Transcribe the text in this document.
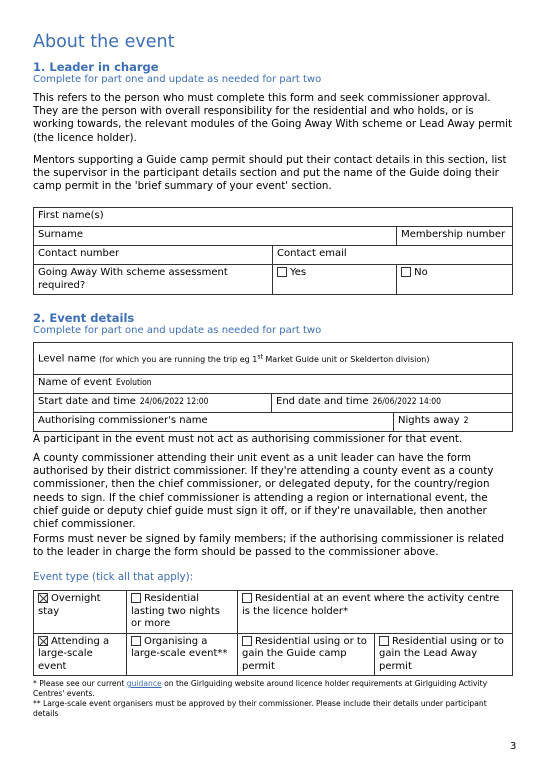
About the event
1. Leader in charge
Complete for part one and update as needed for part two

This refers to the person who must complete this form and seek commissioner approval. They are the person with overall responsibility for the residential and who holds, or is working towards, the relevant modules of the Going Away With scheme or Lead Away permit (the licence holder).

Mentors supporting a Guide camp permit should put their contact details in this section, list the supervisor in the participant details section and put the name of the Guide doing their camp permit in the 'brief summary of your event' section.

First name(s)		
Surname		Membership number
Contact number	Contact email	
Going Away With scheme assessment required?	Yes	No
2. Event details
Complete for part one and update as needed for part two
Level name (for which you are running the trip eg 1st Market Guide unit or Skelderton division)		
Name of event Evolution		
Start date and time 24/06/2022 12:00	End date and time 26/06/2022 14:00	
Authorising commissioner's name		Nights away 2

A participant in the event must not act as authorising commissioner for that event.

A county commissioner attending their unit event as a unit leader can have the form authorised by their district commissioner. If they're attending a county event as a county commissioner, then the chief commissioner, or delegated deputy, for the country/region needs to sign. If the chief commissioner is attending a region or international event, the chief guide or deputy chief guide must sign it off, or if they're unavailable, then another chief commissioner.

Forms must never be signed by family members; if the authorising commissioner is related to the leader in charge the form should be passed to the commissioner above.

Event type (tick all that apply):
Overnight stay	Residential lasting two nights or more	Residential at an event where the activity centre is the licence holder*	
Attending a large-scale event	Organising a large-scale event**	Residential using or to gain the Guide camp permit	Residential using or to gain the Lead Away permit

* Please see our current guidance on the Girlguiding website around licence holder requirements at Girlguiding Activity Centres' events.

** Large-scale event organisers must be approved by their commissioner. Please include their details under participant details

3
